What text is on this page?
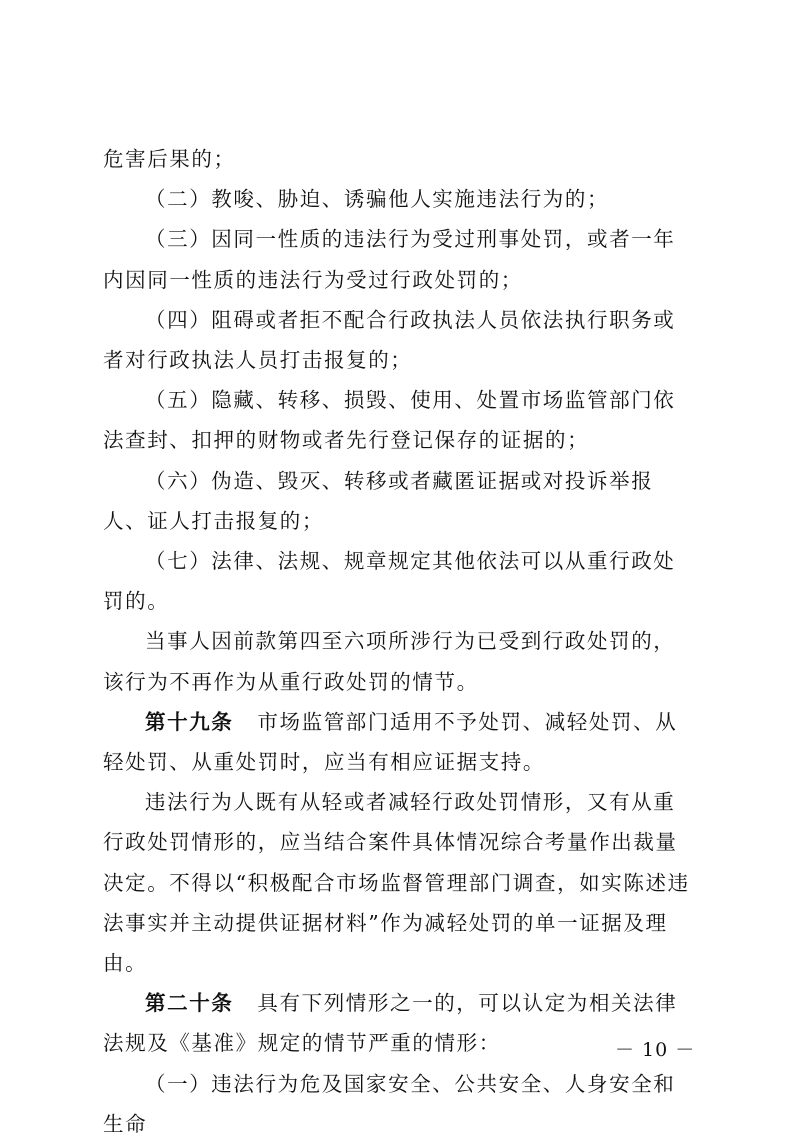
危害后果的；

（二）教唆、胁迫、诱骗他人实施违法行为的；

（三）因同一性质的违法行为受过刑事处罚，或者一年内因同一性质的违法行为受过行政处罚的；

（四）阻碍或者拒不配合行政执法人员依法执行职务或者对行政执法人员打击报复的；

（五）隐藏、转移、损毁、使用、处置市场监管部门依法查封、扣押的财物或者先行登记保存的证据的；

（六）伪造、毁灭、转移或者藏匿证据或对投诉举报人、证人打击报复的；

（七）法律、法规、规章规定其他依法可以从重行政处罚的。

当事人因前款第四至六项所涉行为已受到行政处罚的，该行为不再作为从重行政处罚的情节。

第十九条 市场监管部门适用不予处罚、减轻处罚、从轻处罚、从重处罚时，应当有相应证据支持。

违法行为人既有从轻或者减轻行政处罚情形，又有从重行政处罚情形的，应当结合案件具体情况综合考量作出裁量决定。不得以“积极配合市场监督管理部门调查，如实陈述违法事实并主动提供证据材料”作为减轻处罚的单一证据及理由。

第二十条 具有下列情形之一的，可以认定为相关法律法规及《基准》规定的情节严重的情形：

（一）违法行为危及国家安全、公共安全、人身安全和生命

－ 10 －
